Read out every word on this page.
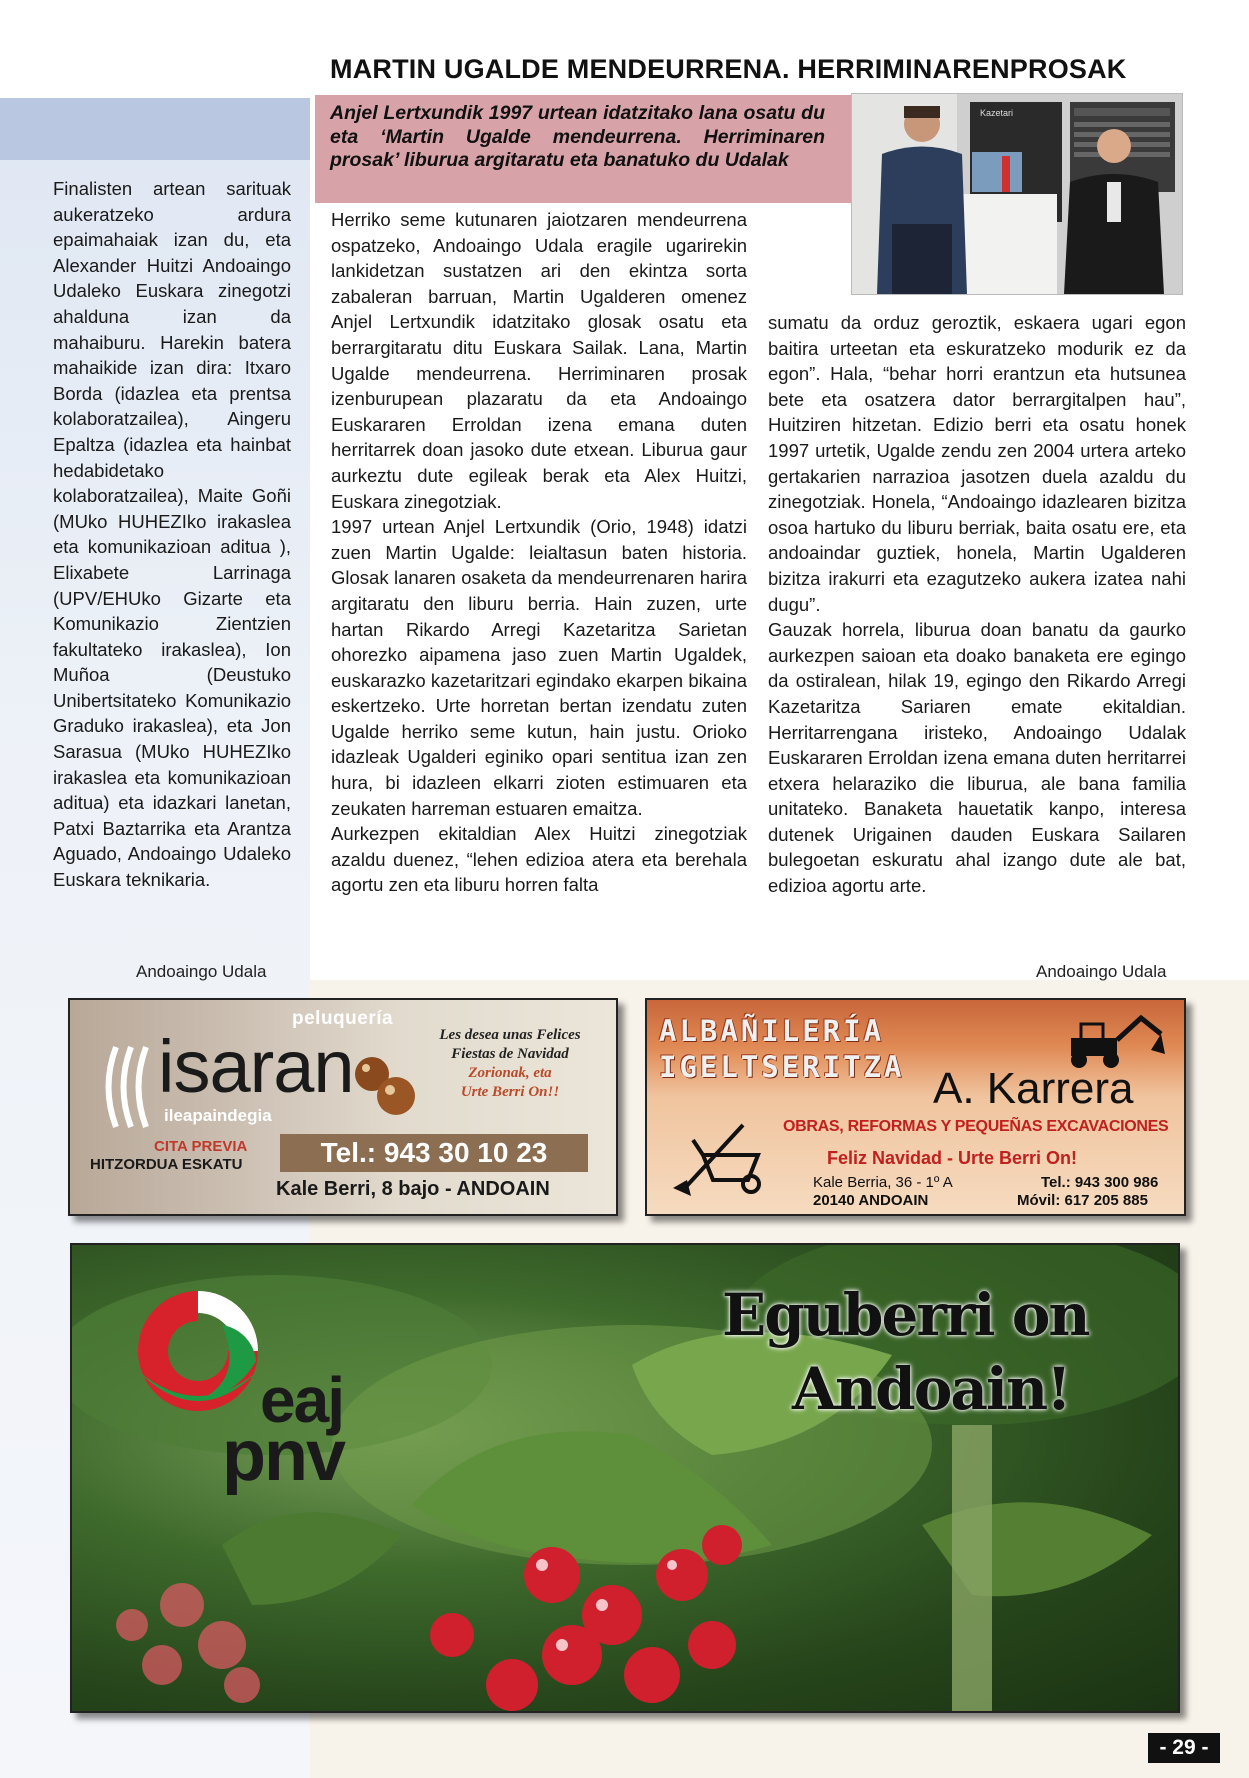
MARTIN UGALDE MENDEURRENA. HERRIMINARENPROSAK
Anjel Lertxundik 1997 urtean idatzitako lana osatu du eta ‘Martin Ugalde mendeurrena. Herriminaren prosak’ liburua argitaratu eta banatuko du Udalak
Kazetari

Finalisten artean sarituak aukeratzeko ardura epaimahaiak izan du, eta Alexander Huitzi Andoaingo Udaleko Euskara zinegotzi ahalduna izan da mahaiburu. Harekin batera mahaikide izan dira: Itxaro Borda (idazlea eta prentsa kolaboratzailea), Aingeru Epaltza (idazlea eta hainbat hedabidetako kolaboratzailea), Maite Goñi (MUko HUHEZIko irakaslea eta komunikazioan aditua ), Elixabete Larrinaga (UPV/EHUko Gizarte eta Komunikazio Zientzien fakultateko irakaslea), Ion Muñoa (Deustuko Unibertsitateko Komunikazio Graduko irakaslea), eta Jon Sarasua (MUko HUHEZIko irakaslea eta komunikazioan aditua) eta idazkari lanetan, Patxi Baztarrika eta Arantza Aguado, Andoaingo Udaleko Euskara teknikaria.

Andoaingo Udala

Herriko seme kutunaren jaiotzaren mendeurrena ospatzeko, Andoaingo Udala eragile ugarirekin lankidetzan sustatzen ari den ekintza sorta zabaleran barruan, Martin Ugalderen omenez Anjel Lertxundik idatzitako glosak osatu eta berrargitaratu ditu Euskara Sailak. Lana, Martin Ugalde mendeurrena. Herriminaren prosak izenburupean plazaratu da eta Andoaingo Euskararen Erroldan izena emana duten herritarrek doan jasoko dute etxean. Liburua gaur aurkeztu dute egileak berak eta Alex Huitzi, Euskara zinegotziak.

1997 urtean Anjel Lertxundik (Orio, 1948) idatzi zuen Martin Ugalde: leialtasun baten historia. Glosak lanaren osaketa da mendeurrenaren harira argitaratu den liburu berria. Hain zuzen, urte hartan Rikardo Arregi Kazetaritza Sarietan ohorezko aipamena jaso zuen Martin Ugaldek, euskarazko kazetaritzari egindako ekarpen bikaina eskertzeko. Urte horretan bertan izendatu zuten Ugalde herriko seme kutun, hain justu. Orioko idazleak Ugalderi eginiko opari sentitua izan zen hura, bi idazleen elkarri zioten estimuaren eta zeukaten harreman estuaren emaitza.

Aurkezpen ekitaldian Alex Huitzi zinegotziak azaldu duenez, “lehen edizioa atera eta berehala agortu zen eta liburu horren falta

sumatu da orduz geroztik, eskaera ugari egon baitira urteetan eta eskuratzeko modurik ez da egon”. Hala, “behar horri erantzun eta hutsunea bete eta osatzera dator berrargitalpen hau”, Huitziren hitzetan. Edizio berri eta osatu honek 1997 urtetik, Ugalde zendu zen 2004 urtera arteko gertakarien narrazioa jasotzen duela azaldu du zinegotziak. Honela, “Andoaingo idazlearen bizitza osoa hartuko du liburu berriak, baita osatu ere, eta andoaindar guztiek, honela, Martin Ugalderen bizitza irakurri eta ezagutzeko aukera izatea nahi dugu”.

Gauzak horrela, liburua doan banatu da gaurko aurkezpen saioan eta doako banaketa ere egingo da ostiralean, hilak 19, egingo den Rikardo Arregi Kazetaritza Sariaren emate ekitaldian. Herritarrengana iristeko, Andoaingo Udalak Euskararen Erroldan izena emana duten herritarrei etxera helaraziko die liburua, ale bana familia unitateko. Banaketa hauetatik kanpo, interesa dutenek Urigainen dauden Euskara Sailaren bulegoetan eskuratu ahal izango dute ale bat, edizioa agortu arte.

Andoaingo Udala
peluquería
isaran
ileapaindegia
Les desea unas Felices
Fiestas de Navidad
Zorionak, eta
Urte Berri On!!
CITA PREVIA
HITZORDUA ESKATU	Tel.: 943 30 10 23
Kale Berri, 8 bajo - ANDOAIN
ALBAÑILERÍA
IGELTSERITZA A. Karrera
OBRAS, REFORMAS Y PEQUEÑAS EXCAVACIONES
Feliz Navidad - Urte Berri On!
Kale Berria, 36 - 1º A
20140 ANDOAIN
Tel.: 943 300 986
Móvil: 617 205 885
eaj
pnv
Eguberri on
Andoain!
- 29 -
